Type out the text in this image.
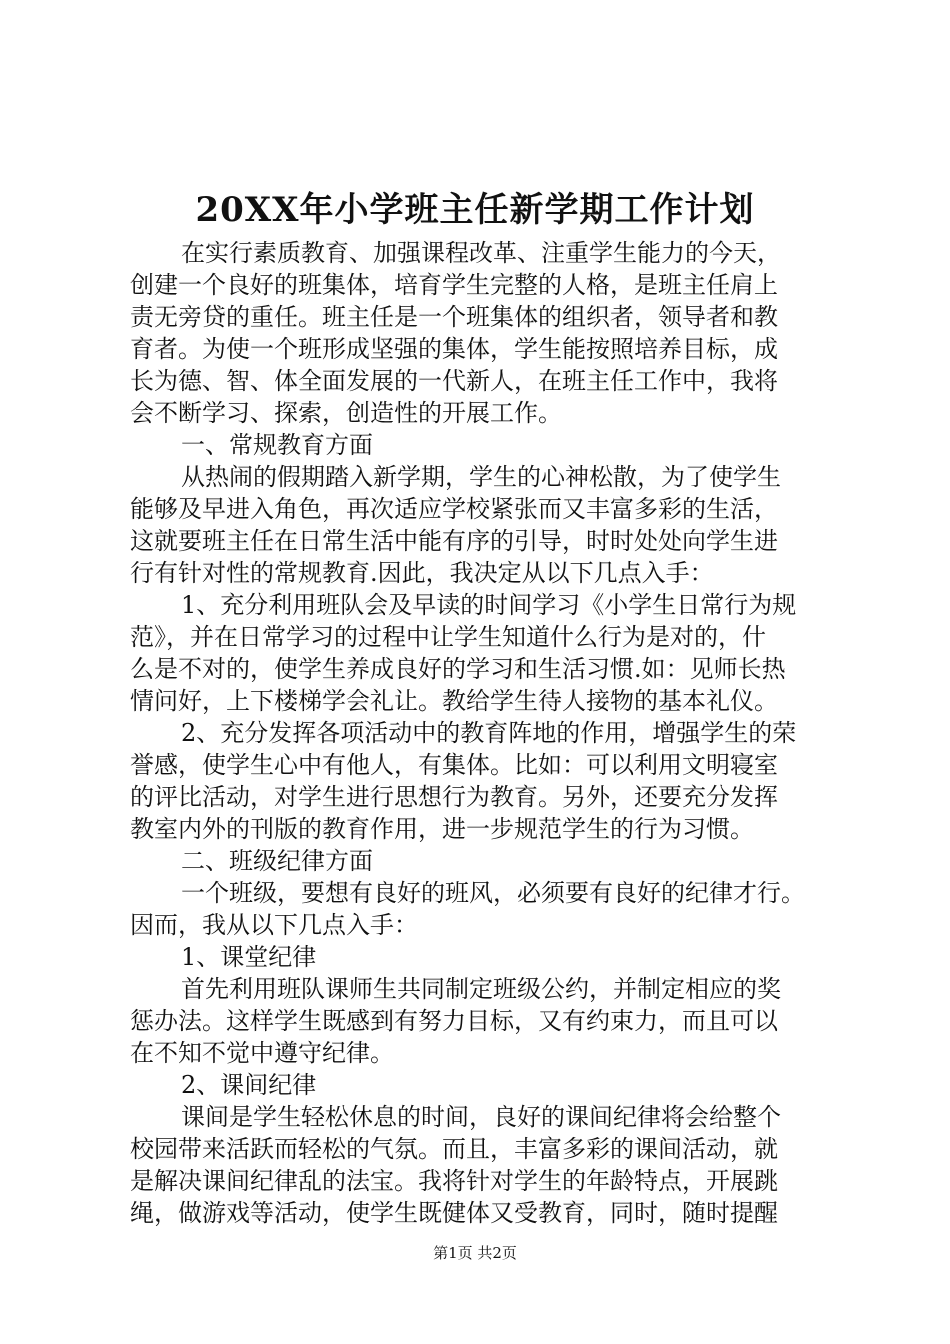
20XX年小学班主任新学期工作计划
在实行素质教育、加强课程改革、注重学生能力的今天，
创建一个良好的班集体，培育学生完整的人格，是班主任肩上
责无旁贷的重任。班主任是一个班集体的组织者，领导者和教
育者。为使一个班形成坚强的集体，学生能按照培养目标，成
长为德、智、体全面发展的一代新人，在班主任工作中，我将
会不断学习、探索，创造性的开展工作。
一、常规教育方面
从热闹的假期踏入新学期，学生的心神松散，为了使学生
能够及早进入角色，再次适应学校紧张而又丰富多彩的生活，
这就要班主任在日常生活中能有序的引导，时时处处向学生进
行有针对性的常规教育.因此，我决定从以下几点入手：
1、充分利用班队会及早读的时间学习《小学生日常行为规
范》，并在日常学习的过程中让学生知道什么行为是对的，什
么是不对的，使学生养成良好的学习和生活习惯.如：见师长热
情问好，上下楼梯学会礼让。教给学生待人接物的基本礼仪。
2、充分发挥各项活动中的教育阵地的作用，增强学生的荣
誉感，使学生心中有他人，有集体。比如：可以利用文明寝室
的评比活动，对学生进行思想行为教育。另外，还要充分发挥
教室内外的刊版的教育作用，进一步规范学生的行为习惯。
二、班级纪律方面
一个班级，要想有良好的班风，必须要有良好的纪律才行。
因而，我从以下几点入手：
1、课堂纪律
首先利用班队课师生共同制定班级公约，并制定相应的奖
惩办法。这样学生既感到有努力目标，又有约束力，而且可以
在不知不觉中遵守纪律。
2、课间纪律
课间是学生轻松休息的时间，良好的课间纪律将会给整个
校园带来活跃而轻松的气氛。而且，丰富多彩的课间活动，就
是解决课间纪律乱的法宝。我将针对学生的年龄特点，开展跳
绳，做游戏等活动，使学生既健体又受教育，同时，随时提醒
第1页 共2页
